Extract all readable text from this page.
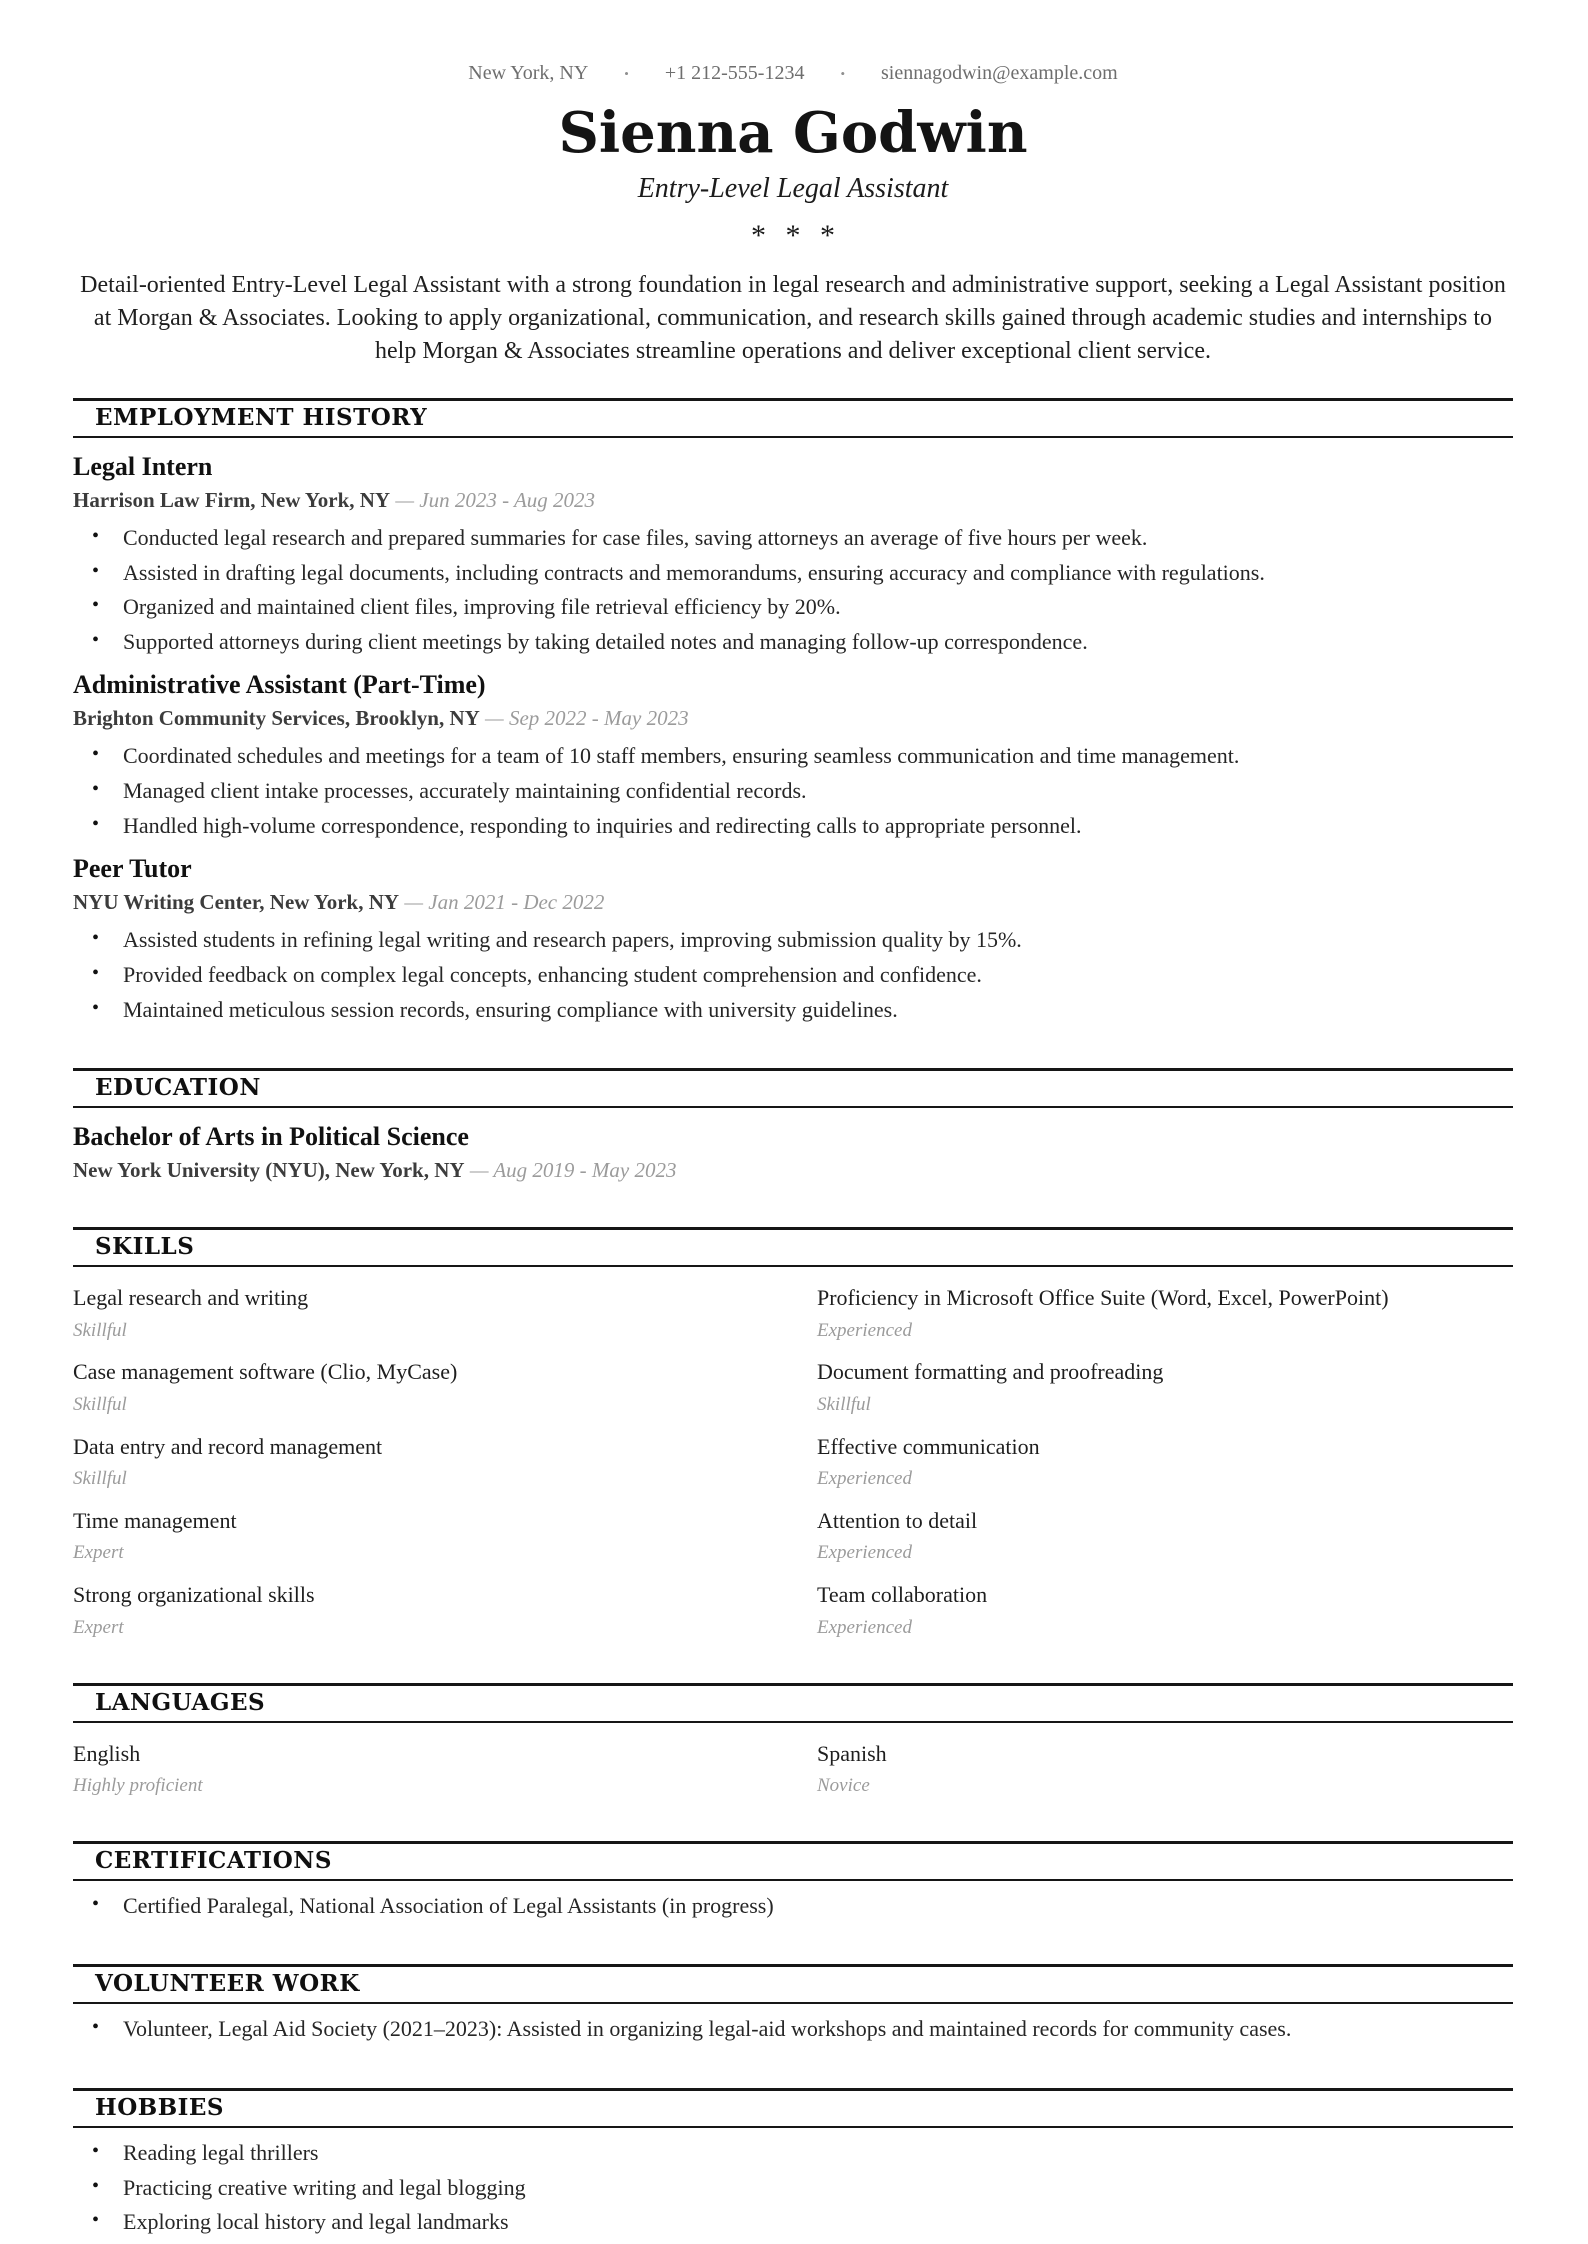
New York, NY	• +1 212-555-1234	• siennagodwin@example.com
Sienna Godwin
Entry-Level Legal Assistant
* * *

Detail-oriented Entry-Level Legal Assistant with a strong foundation in legal research and administrative support, seeking a Legal Assistant position at Morgan & Associates. Looking to apply organizational, communication, and research skills gained through academic studies and internships to help Morgan & Associates streamline operations and deliver exceptional client service.

EMPLOYMENT HISTORY
Legal Intern

Harrison Law Firm, New York, NY — Jun 2023 - Aug 2023

• Conducted legal research and prepared summaries for case files, saving attorneys an average of five hours per week.
• Assisted in drafting legal documents, including contracts and memorandums, ensuring accuracy and compliance with regulations.
• Organized and maintained client files, improving file retrieval efficiency by 20%.
• Supported attorneys during client meetings by taking detailed notes and managing follow-up correspondence.
Administrative Assistant (Part-Time)

Brighton Community Services, Brooklyn, NY — Sep 2022 - May 2023

• Coordinated schedules and meetings for a team of 10 staff members, ensuring seamless communication and time management.
• Managed client intake processes, accurately maintaining confidential records.
• Handled high-volume correspondence, responding to inquiries and redirecting calls to appropriate personnel.
Peer Tutor

NYU Writing Center, New York, NY — Jan 2021 - Dec 2022

• Assisted students in refining legal writing and research papers, improving submission quality by 15%.
• Provided feedback on complex legal concepts, enhancing student comprehension and confidence.
• Maintained meticulous session records, ensuring compliance with university guidelines.
EDUCATION
Bachelor of Arts in Political Science

New York University (NYU), New York, NY — Aug 2019 - May 2023

SKILLS
Legal research and writing
Skillful
Proficiency in Microsoft Office Suite (Word, Excel, PowerPoint)
Experienced
Case management software (Clio, MyCase)
Skillful
Document formatting and proofreading
Skillful
Data entry and record management
Skillful
Effective communication
Experienced
Time management
Expert
Attention to detail
Experienced
Strong organizational skills
Expert
Team collaboration
Experienced
LANGUAGES
English
Highly proficient
Spanish
Novice
CERTIFICATIONS
• Certified Paralegal, National Association of Legal Assistants (in progress)
VOLUNTEER WORK
• Volunteer, Legal Aid Society (2021–2023): Assisted in organizing legal-aid workshops and maintained records for community cases.
HOBBIES
• Reading legal thrillers
• Practicing creative writing and legal blogging
• Exploring local history and legal landmarks
